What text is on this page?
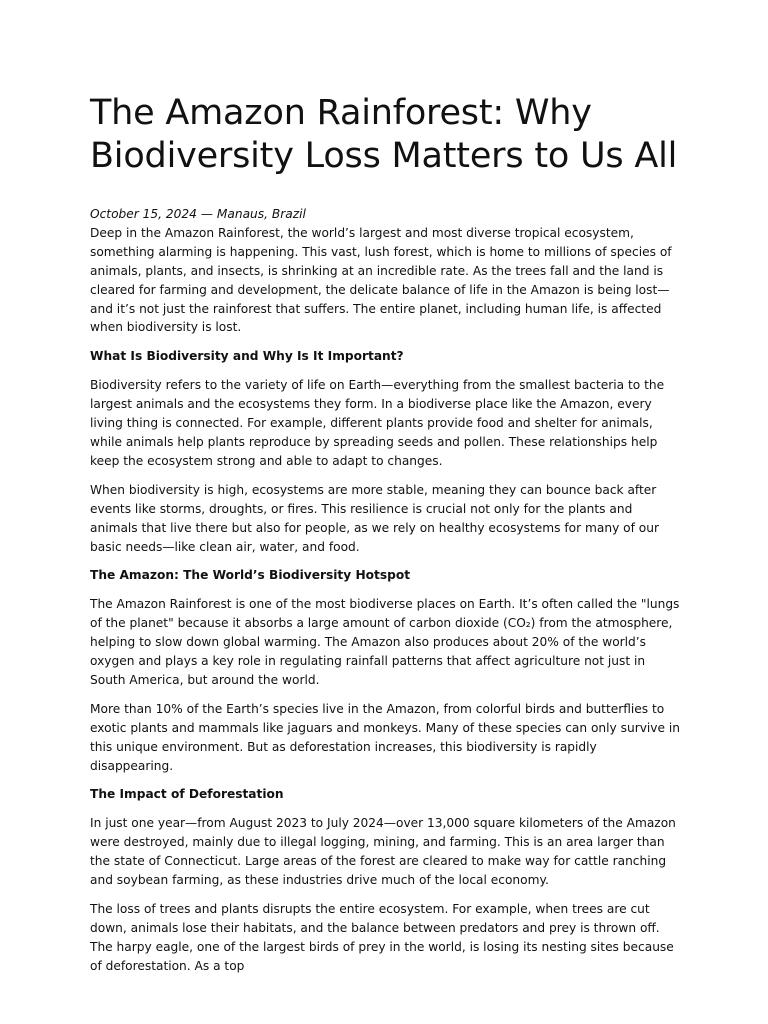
The Amazon Rainforest: Why Biodiversity Loss Matters to Us All

October 15, 2024 — Manaus, Brazil

Deep in the Amazon Rainforest, the world’s largest and most diverse tropical ecosystem, something alarming is happening. This vast, lush forest, which is home to millions of species of animals, plants, and insects, is shrinking at an incredible rate. As the trees fall and the land is cleared for farming and development, the delicate balance of life in the Amazon is being lost—and it’s not just the rainforest that suffers. The entire planet, including human life, is affected when biodiversity is lost.

What Is Biodiversity and Why Is It Important?

Biodiversity refers to the variety of life on Earth—everything from the smallest bacteria to the largest animals and the ecosystems they form. In a biodiverse place like the Amazon, every living thing is connected. For example, different plants provide food and shelter for animals, while animals help plants reproduce by spreading seeds and pollen. These relationships help keep the ecosystem strong and able to adapt to changes.

When biodiversity is high, ecosystems are more stable, meaning they can bounce back after events like storms, droughts, or fires. This resilience is crucial not only for the plants and animals that live there but also for people, as we rely on healthy ecosystems for many of our basic needs—like clean air, water, and food.

The Amazon: The World’s Biodiversity Hotspot

The Amazon Rainforest is one of the most biodiverse places on Earth. It’s often called the "lungs of the planet" because it absorbs a large amount of carbon dioxide (CO₂) from the atmosphere, helping to slow down global warming. The Amazon also produces about 20% of the world’s oxygen and plays a key role in regulating rainfall patterns that affect agriculture not just in South America, but around the world.

More than 10% of the Earth’s species live in the Amazon, from colorful birds and butterflies to exotic plants and mammals like jaguars and monkeys. Many of these species can only survive in this unique environment. But as deforestation increases, this biodiversity is rapidly disappearing.

The Impact of Deforestation

In just one year—from August 2023 to July 2024—over 13,000 square kilometers of the Amazon were destroyed, mainly due to illegal logging, mining, and farming. This is an area larger than the state of Connecticut. Large areas of the forest are cleared to make way for cattle ranching and soybean farming, as these industries drive much of the local economy.

The loss of trees and plants disrupts the entire ecosystem. For example, when trees are cut down, animals lose their habitats, and the balance between predators and prey is thrown off. The harpy eagle, one of the largest birds of prey in the world, is losing its nesting sites because of deforestation. As a top
